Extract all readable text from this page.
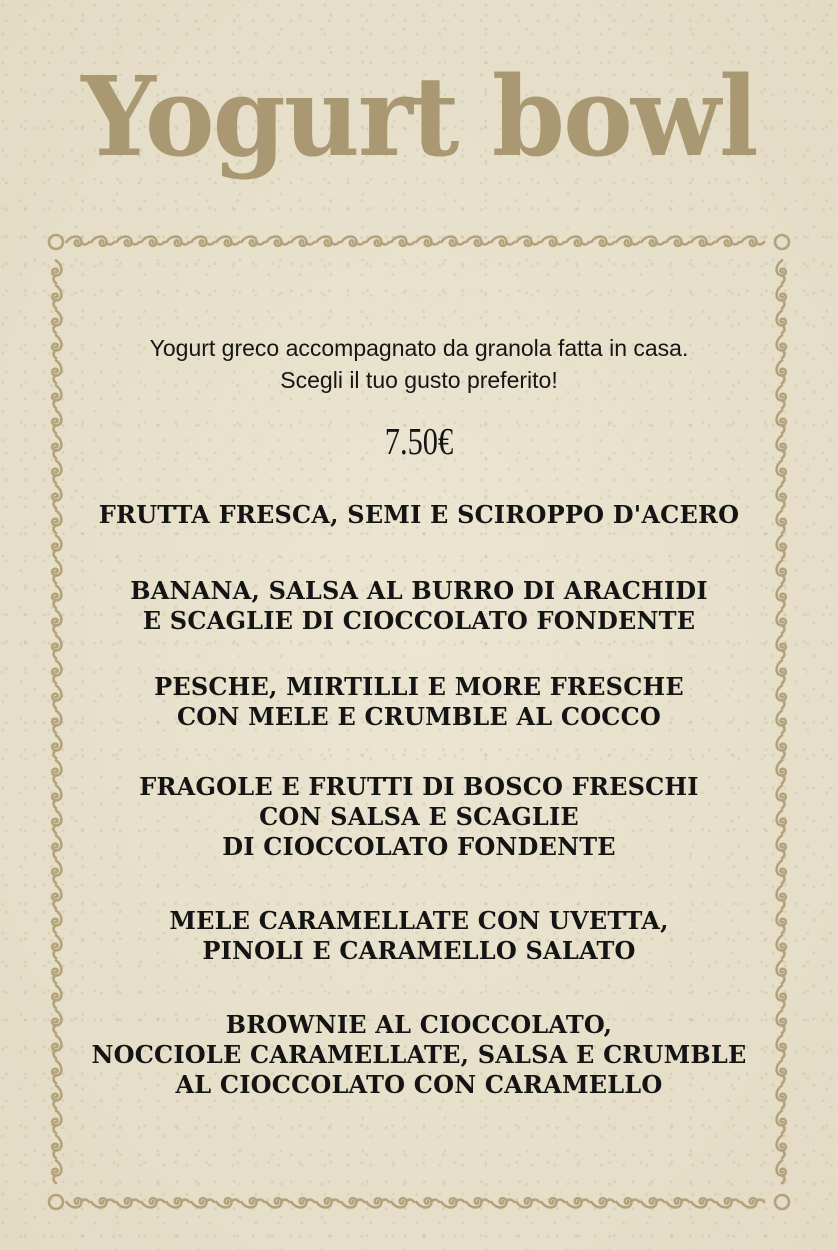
Yogurt bowl
Yogurt greco accompagnato da granola fatta in casa.
Scegli il tuo gusto preferito!
7.50€
FRUTTA FRESCA, SEMI E SCIROPPO D'ACERO
BANANA, SALSA AL BURRO DI ARACHIDI
E SCAGLIE DI CIOCCOLATO FONDENTE
PESCHE, MIRTILLI E MORE FRESCHE
CON MELE E CRUMBLE AL COCCO
FRAGOLE E FRUTTI DI BOSCO FRESCHI
CON SALSA E SCAGLIE
DI CIOCCOLATO FONDENTE
MELE CARAMELLATE CON UVETTA,
PINOLI E CARAMELLO SALATO
BROWNIE AL CIOCCOLATO,
NOCCIOLE CARAMELLATE, SALSA E CRUMBLE
AL CIOCCOLATO CON CARAMELLO
